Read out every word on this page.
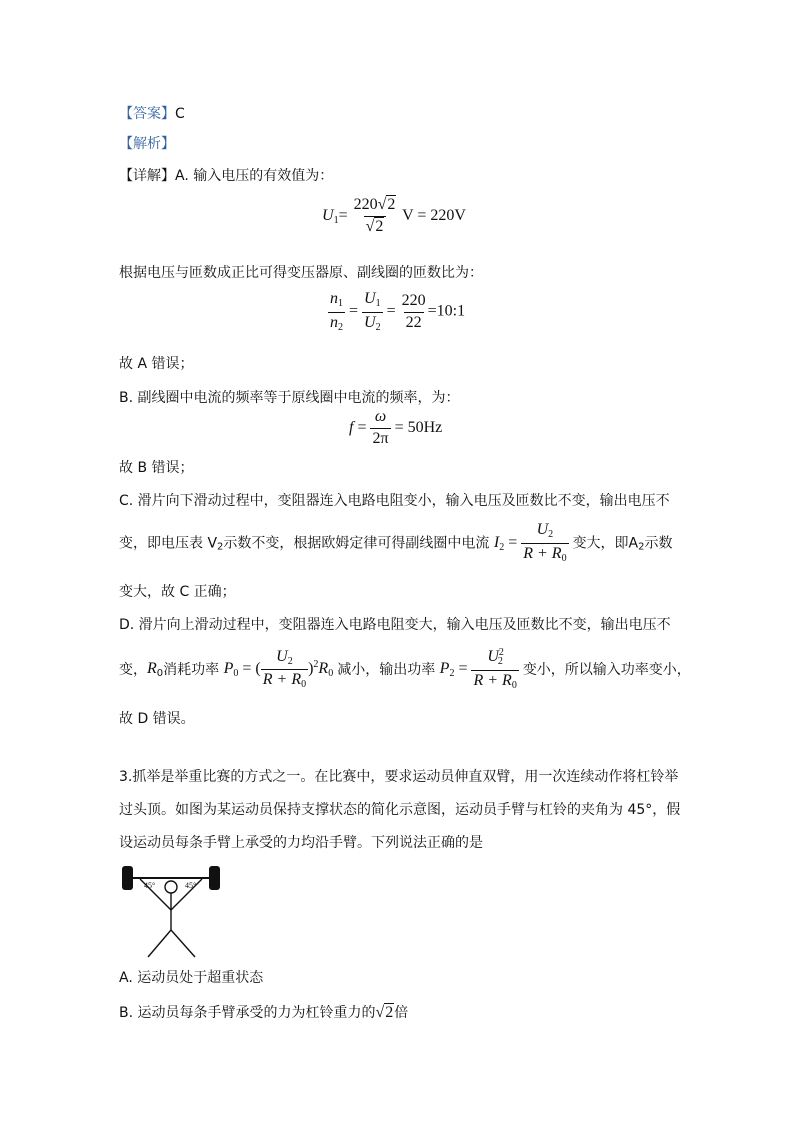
【答案】C
【解析】
【详解】A. 输入电压的有效值为：
$U_1= \frac{220√2}{√2}$ V = 220V
根据电压与匝数成正比可得变压器原、副线圈的匝数比为：
$\frac{n_1}{n_2} = \frac{U_1}{U_2} = \frac{220}{22}$ =10:1
故 A 错误；
B. 副线圈中电流的频率等于原线圈中电流的频率，为：
$f = \frac{\omega}{2\pi} = 50Hz$
故 B 错误；
C. 滑片向下滑动过程中，变阻器连入电路电阻变小，输入电压及匝数比不变，输出电压不
变，即电压表 $V_2$示数不变，根据欧姆定律可得副线圈中电流 $I_2 = \frac{U_2}{R + R_0}$ 变大，即$A_2$示数
变大，故 C 正确；
D. 滑片向上滑动过程中，变阻器连入电路电阻变大，输入电压及匝数比不变，输出电压不
变，$R_0$消耗功率 $P_0$ = ( $\frac{U_2}{R + R_0} )^2R_0$ 减小，输出功率 $P_2 = \frac{U^2_2}{R + R_0}$ 变小，所以输入功率变小，
故 D 错误。
3.抓举是举重比赛的方式之一。在比赛中，要求运动员伸直双臂，用一次连续动作将杠铃举
过头顶。如图为某运动员保持支撑状态的简化示意图，运动员手臂与杠铃的夹角为 45°，假
设运动员每条手臂上承受的力均沿手臂。下列说法正确的是
45°	45°
A. 运动员处于超重状态
B. 运动员每条手臂承受的力为杠铃重力的√2倍
